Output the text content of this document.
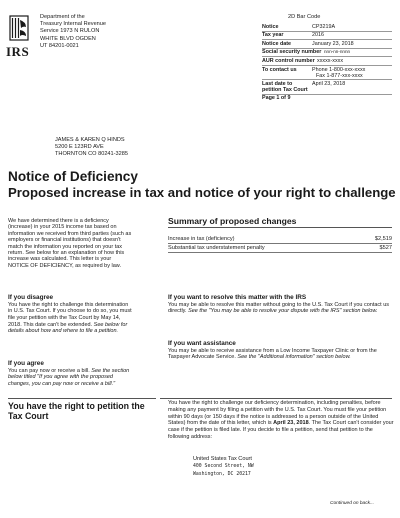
IRS
Department of the
Treasury Internal Revenue
Service 1973 N RULON
WHITE BLVD OGDEN
UT 84201-0021
2D Bar Code
Notice	CP3219A
Tax year	2016
Notice date	January 23, 2018
Social security number nnn-nn-nnnn
AUR control number xxxxx-xxxx
To contact us	Phone 1-800-xxx-xxxx
Fax 1-877-xxx-xxxx
Last date to petition Tax Court
April 23, 2018
Page 1 of 9
JAMES & KAREN Q HINDS
5200 E 123RD AVE
THORNTON CO 80241-3285
Notice of Deficiency
Proposed increase in tax and notice of your right to challenge
We have determined there is a deficiency (increase) in your 2015 income tax based on information we received from third parties (such as employers or financial institutions) that doesn't match the information you reported on your tax return. See below for an explanation of how this increase was calculated. This letter is your NOTICE OF DEFICIENCY, as required by law.
Summary of proposed changes
Increase in tax (deficiency)	$2,519
Substantial tax understatement penalty	$527
If you disagree
You have the right to challenge this determination in U.S. Tax Court. If you choose to do so, you must file your petition with the Tax Court by May 14, 2018. This date can't be extended. See below for details about how and where to file a petition.
If you agree
You can pay now or receive a bill. See the section below titled "If you agree with the proposed changes, you can pay now or receive a bill."
If you want to resolve this matter with the IRS
You may be able to resolve this matter without going to the U.S. Tax Court if you contact us directly. See the "You may be able to resolve your dispute with the IRS" section below.
If you want assistance
You may be able to receive assistance from a Low Income Taxpayer Clinic or from the Taxpayer Advocate Service. See the "Additional information" section below.
You have the right to petition the Tax Court
You have the right to challenge our deficiency determination, including penalties, before making any payment by filing a petition with the U.S. Tax Court. You must file your petition within 90 days (or 150 days if the notice is addressed to a person outside of the United States) from the date of this letter, which is April 23, 2018. The Tax Court can't consider your case if the petition is filed late. If you decide to file a petition, send that petition to the following address:
United States Tax Court
400 Second Street, NW
Washington, DC 20217
Continued on back...
